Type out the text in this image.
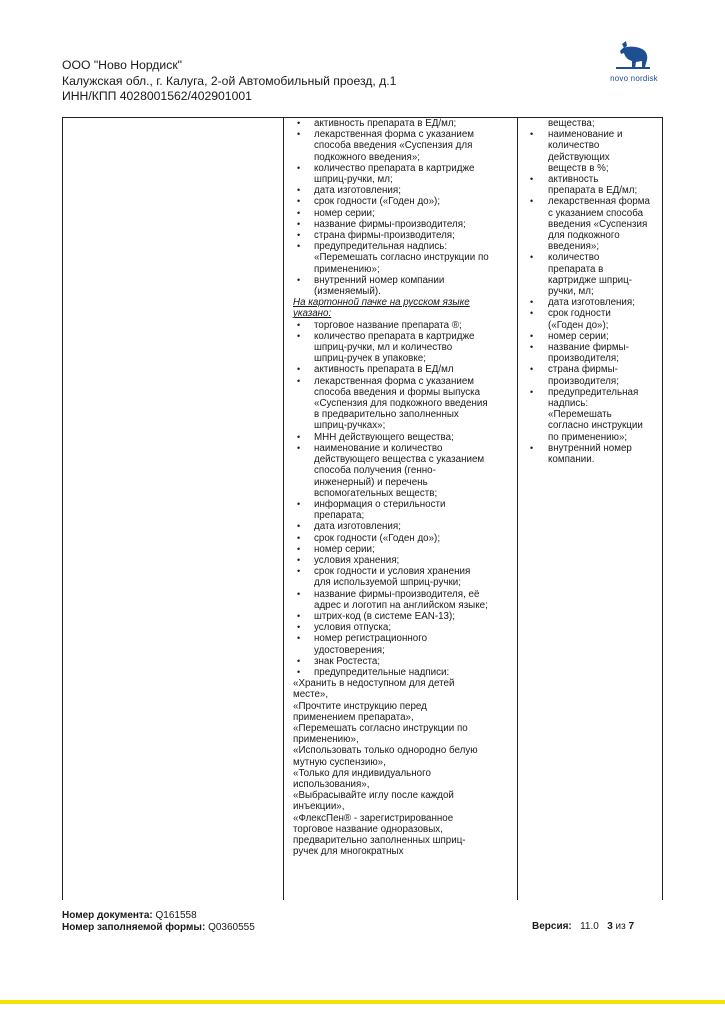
ООО "Ново Нордиск"
Калужская обл., г. Калуга, 2-ой Автомобильный проезд, д.1
ИНН/КПП 4028001562/402901001
novo nordisk
• активность препарата в ЕД/мл;
• лекарственная форма с указанием
способа введения «Суспензия для
подкожного введения»;
• количество препарата в картридже
шприц-ручки, мл;
• дата изготовления;
• срок годности («Годен до»);
• номер серии;
• название фирмы-производителя;
• страна фирмы-производителя;
• предупредительная надпись:
«Перемешать согласно инструкции по
применению»;
• внутренний номер компании
(изменяемый).
На картонной пачке на русском языке
указано:
• торговое название препарата ®;
• количество препарата в картридже
шприц-ручки, мл и количество
шприц-ручек в упаковке;
• активность препарата в ЕД/мл
• лекарственная форма с указанием
способа введения и формы выпуска
«Суспензия для подкожного введения
в предварительно заполненных
шприц-ручках»;
• МНН действующего вещества;
• наименование и количество
действующего вещества с указанием
способа получения (генно-
инженерный) и перечень
вспомогательных веществ;
• информация о стерильности
препарата;
• дата изготовления;
• срок годности («Годен до»);
• номер серии;
• условия хранения;
• срок годности и условия хранения
для используемой шприц-ручки;
• название фирмы-производителя, её
адрес и логотип на английском языке;
• штрих-код (в системе EAN-13);
• условия отпуска;
• номер регистрационного
удостоверения;
• знак Ростеста;
• предупредительные надписи:
«Хранить в недоступном для детей
месте»,
«Прочтите инструкцию перед
применением препарата»,
«Перемешать согласно инструкции по
применению»,
«Использовать только однородно белую
мутную суспензию»,
«Только для индивидуального
использования»,
«Выбрасывайте иглу после каждой
инъекции»,
«ФлексПен® - зарегистрированное
торговое название одноразовых,
предварительно заполненных шприц-
ручек для многократных
вещества;
• наименование и
количество
действующих
веществ в %;
• активность
препарата в ЕД/мл;
• лекарственная форма
с указанием способа
введения «Суспензия
для подкожного
введения»;
• количество
препарата в
картридже шприц-
ручки, мл;
• дата изготовления;
• срок годности
(«Годен до»);
• номер серии;
• название фирмы-
производителя;
• страна фирмы-
производителя;
• предупредительная
надпись:
«Перемешать
согласно инструкции
по применению»;
• внутренний номер
компании.
Номер документа: Q161558
Номер заполняемой формы: Q0360555	Версия: 11.0 3 из 7
